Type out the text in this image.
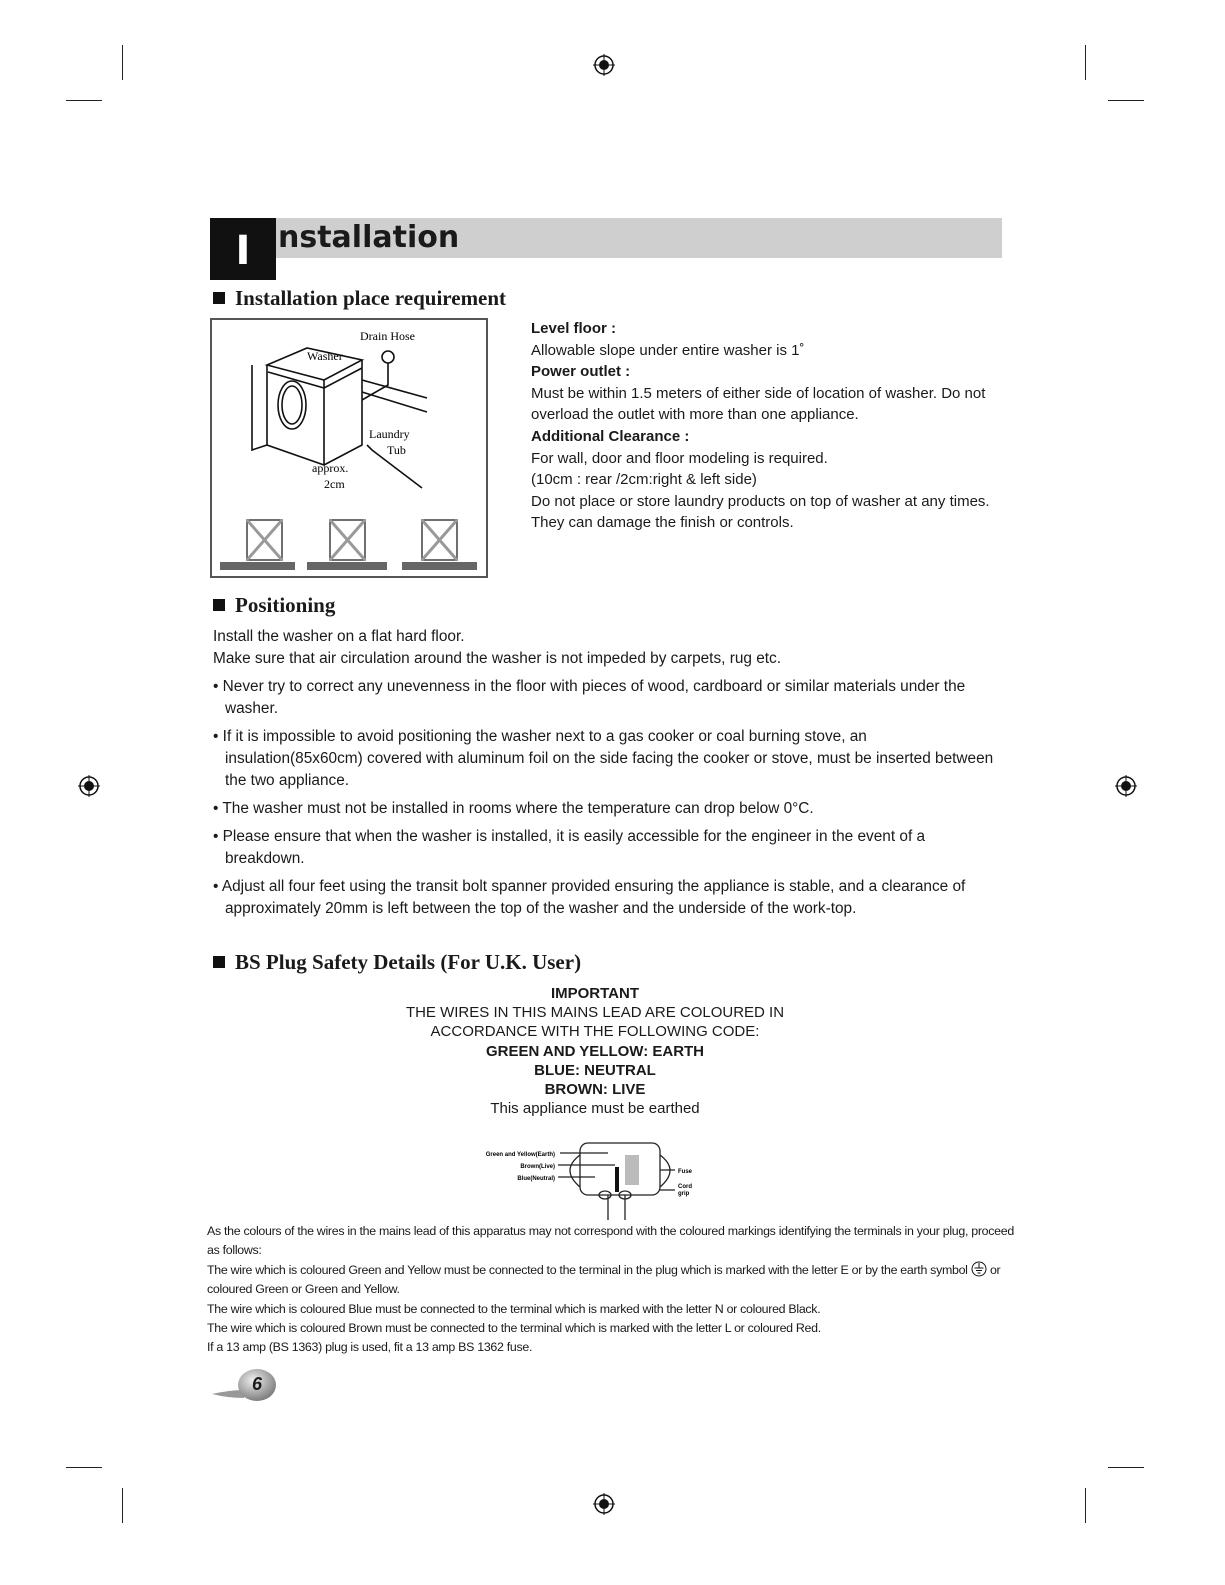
I nstallation
Installation place requirement
Drain Hose
Washer
Laundry
Tub
approx.
2cm
Level floor :
Allowable slope under entire washer is 1˚
Power outlet :
Must be within 1.5 meters of either side of location of washer. Do not overload the outlet with more than one appliance.
Additional Clearance :
For wall, door and floor modeling is required.
(10cm : rear /2cm:right & left side)
Do not place or store laundry products on top of washer at any times.
They can damage the finish or controls.
Positioning

Install the washer on a flat hard floor.

Make sure that air circulation around the washer is not impeded by carpets, rug etc.

• Never try to correct any unevenness in the floor with pieces of wood, cardboard or similar materials under the washer.
• If it is impossible to avoid positioning the washer next to a gas cooker or coal burning stove, an insulation(85x60cm) covered with aluminum foil on the side facing the cooker or stove, must be inserted between the two appliance.
• The washer must not be installed in rooms where the temperature can drop below 0°C.
• Please ensure that when the washer is installed, it is easily accessible for the engineer in the event of a breakdown.
• Adjust all four feet using the transit bolt spanner provided ensuring the appliance is stable, and a clearance of approximately 20mm is left between the top of the washer and the underside of the work-top.
BS Plug Safety Details (For U.K. User)
IMPORTANT
THE WIRES IN THIS MAINS LEAD ARE COLOURED IN
ACCORDANCE WITH THE FOLLOWING CODE:
GREEN AND YELLOW: EARTH
BLUE: NEUTRAL
BROWN: LIVE
This appliance must be earthed
Green and Yellow(Earth)
Brown(Live)
Blue(Neutral)
Fuse
Cord
grip

As the colours of the wires in the mains lead of this apparatus may not correspond with the coloured markings identifying the terminals in your plug, proceed as follows:

The wire which is coloured Green and Yellow must be connected to the terminal in the plug which is marked with the letter E or by the earth symbol or coloured Green or Green and Yellow.

The wire which is coloured Blue must be connected to the terminal which is marked with the letter N or coloured Black.

The wire which is coloured Brown must be connected to the terminal which is marked with the letter L or coloured Red.

If a 13 amp (BS 1363) plug is used, fit a 13 amp BS 1362 fuse.

6
